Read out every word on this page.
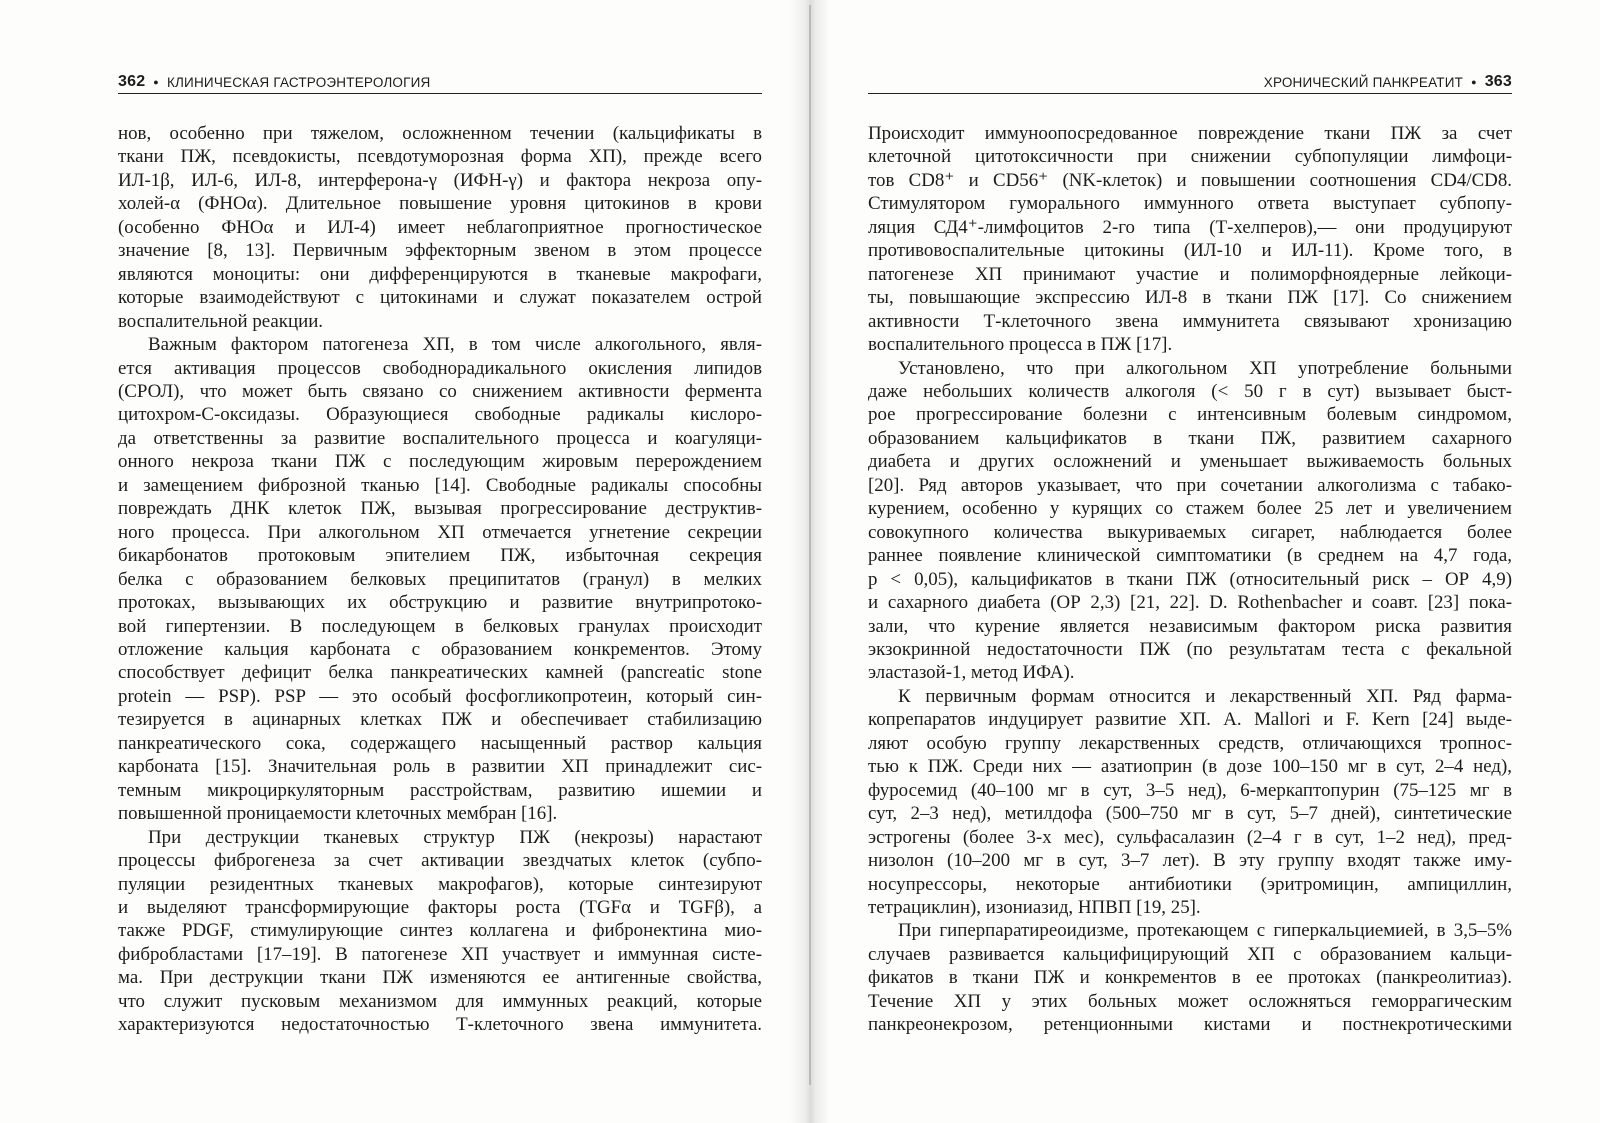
362 ● КЛИНИЧЕСКАЯ ГАСТРОЭНТЕРОЛОГИЯ	ХРОНИЧЕСКИЙ ПАНКРЕАТИТ ● 363

нов, особенно при тяжелом, осложненном течении (кальцификаты в

ткани ПЖ, псевдокисты, псевдотуморозная форма ХП), прежде всего

ИЛ-1β, ИЛ-6, ИЛ-8, интерферона-γ (ИФН-γ) и фактора некроза опу-

холей-α (ФНОα). Длительное повышение уровня цитокинов в крови

(особенно ФНОα и ИЛ-4) имеет неблагоприятное прогностическое

значение [8, 13]. Первичным эффекторным звеном в этом процессе

являются моноциты: они дифференцируются в тканевые макрофаги,

которые взаимодействуют с цитокинами и служат показателем острой

воспалительной реакции.

Важным фактором патогенеза ХП, в том числе алкогольного, явля-

ется активация процессов свободнорадикального окисления липидов

(СРОЛ), что может быть связано со снижением активности фермента

цитохром-С-оксидазы. Образующиеся свободные радикалы кислоро-

да ответственны за развитие воспалительного процесса и коагуляци-

онного некроза ткани ПЖ с последующим жировым перерождением

и замещением фиброзной тканью [14]. Свободные радикалы способны

повреждать ДНК клеток ПЖ, вызывая прогрессирование деструктив-

ного процесса. При алкогольном ХП отмечается угнетение секреции

бикарбонатов протоковым эпителием ПЖ, избыточная секреция

белка с образованием белковых преципитатов (гранул) в мелких

протоках, вызывающих их обструкцию и развитие внутрипротоко-

вой гипертензии. В последующем в белковых гранулах происходит

отложение кальция карбоната с образованием конкрементов. Этому

способствует дефицит белка панкреатических камней (pancreatic stone

protein — PSP). PSP — это особый фосфогликопротеин, который син-

тезируется в ацинарных клетках ПЖ и обеспечивает стабилизацию

панкреатического сока, содержащего насыщенный раствор кальция

карбоната [15]. Значительная роль в развитии ХП принадлежит сис-

темным микроциркуляторным расстройствам, развитию ишемии и

повышенной проницаемости клеточных мембран [16].

При деструкции тканевых структур ПЖ (некрозы) нарастают

процессы фиброгенеза за счет активации звездчатых клеток (субпо-

пуляции резидентных тканевых макрофагов), которые синтезируют

и выделяют трансформирующие факторы роста (TGFα и TGFβ), а

также PDGF, стимулирующие синтез коллагена и фибронектина мио-

фибробластами [17–19]. В патогенезе ХП участвует и иммунная систе-

ма. При деструкции ткани ПЖ изменяются ее антигенные свойства,

что служит пусковым механизмом для иммунных реакций, которые

характеризуются недостаточностью Т-клеточного звена иммунитета.

Происходит иммуноопосредованное повреждение ткани ПЖ за счет

клеточной цитотоксичности при снижении субпопуляции лимфоци-

тов CD8⁺ и CD56⁺ (NK-клеток) и повышении соотношения CD4/CD8.

Стимулятором гуморального иммунного ответа выступает субпопу-

ляция СД4⁺-лимфоцитов 2-го типа (Т-хелперов),— они продуцируют

противовоспалительные цитокины (ИЛ-10 и ИЛ-11). Кроме того, в

патогенезе ХП принимают участие и полиморфноядерные лейкоци-

ты, повышающие экспрессию ИЛ-8 в ткани ПЖ [17]. Со снижением

активности Т-клеточного звена иммунитета связывают хронизацию

воспалительного процесса в ПЖ [17].

Установлено, что при алкогольном ХП употребление больными

даже небольших количеств алкоголя (< 50 г в сут) вызывает быст-

рое прогрессирование болезни с интенсивным болевым синдромом,

образованием кальцификатов в ткани ПЖ, развитием сахарного

диабета и других осложнений и уменьшает выживаемость больных

[20]. Ряд авторов указывает, что при сочетании алкоголизма с табако-

курением, особенно у курящих со стажем более 25 лет и увеличением

совокупного количества выкуриваемых сигарет, наблюдается более

раннее появление клинической симптоматики (в среднем на 4,7 года,

р < 0,05), кальцификатов в ткани ПЖ (относительный риск – ОР 4,9)

и сахарного диабета (ОР 2,3) [21, 22]. D. Rothenbacher и соавт. [23] пока-

зали, что курение является независимым фактором риска развития

экзокринной недостаточности ПЖ (по результатам теста с фекальной

эластазой-1, метод ИФА).

К первичным формам относится и лекарственный ХП. Ряд фарма-

копрепаратов индуцирует развитие ХП. A. Mallori и F. Kern [24] выде-

ляют особую группу лекарственных средств, отличающихся тропнос-

тью к ПЖ. Среди них — азатиоприн (в дозе 100–150 мг в сут, 2–4 нед),

фуросемид (40–100 мг в сут, 3–5 нед), 6-меркаптопурин (75–125 мг в

сут, 2–3 нед), метилдофа (500–750 мг в сут, 5–7 дней), синтетические

эстрогены (более 3-х мес), сульфасалазин (2–4 г в сут, 1–2 нед), пред-

низолон (10–200 мг в сут, 3–7 лет). В эту группу входят также иму-

носупрессоры, некоторые антибиотики (эритромицин, ампициллин,

тетрациклин), изониазид, НПВП [19, 25].

При гиперпаратиреоидизме, протекающем с гиперкальциемией, в 3,5–5%

случаев развивается кальцифицирующий ХП с образованием кальци-

фикатов в ткани ПЖ и конкрементов в ее протоках (панкреолитиаз).

Течение ХП у этих больных может осложняться геморрагическим

панкреонекрозом, ретенционными кистами и постнекротическими
